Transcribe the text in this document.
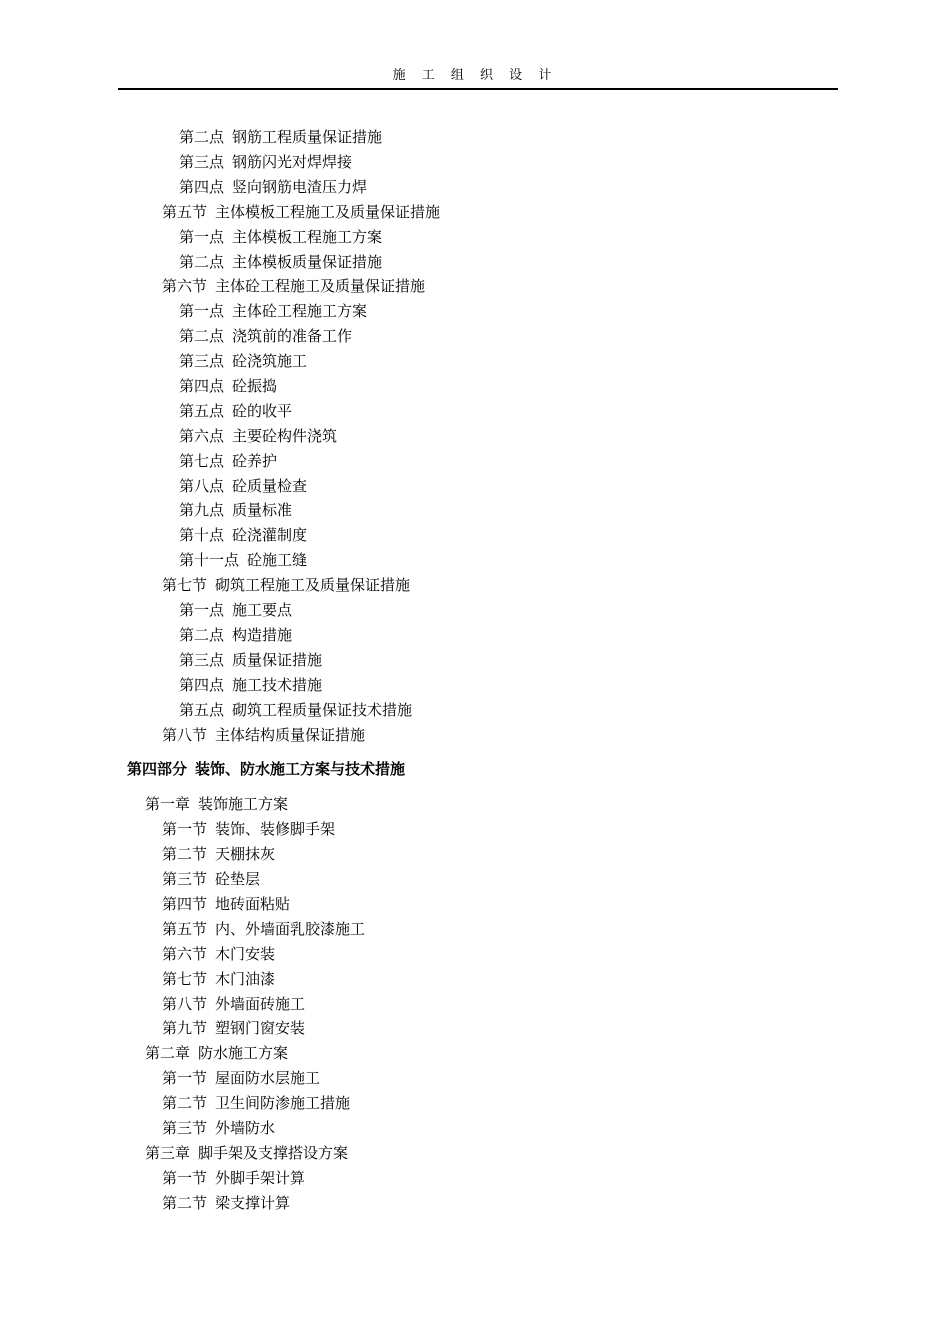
施 工 组 织 设 计
第二点 钢筋工程质量保证措施
第三点 钢筋闪光对焊焊接
第四点 竖向钢筋电渣压力焊
第五节 主体模板工程施工及质量保证措施
第一点 主体模板工程施工方案
第二点 主体模板质量保证措施
第六节 主体砼工程施工及质量保证措施
第一点 主体砼工程施工方案
第二点 浇筑前的准备工作
第三点 砼浇筑施工
第四点 砼振捣
第五点 砼的收平
第六点 主要砼构件浇筑
第七点 砼养护
第八点 砼质量检查
第九点 质量标准
第十点 砼浇灌制度
第十一点 砼施工缝
第七节 砌筑工程施工及质量保证措施
第一点 施工要点
第二点 构造措施
第三点 质量保证措施
第四点 施工技术措施
第五点 砌筑工程质量保证技术措施
第八节 主体结构质量保证措施
第四部分 装饰、防水施工方案与技术措施
第一章 装饰施工方案
第一节 装饰、装修脚手架
第二节 天棚抹灰
第三节 砼垫层
第四节 地砖面粘贴
第五节 内、外墙面乳胶漆施工
第六节 木门安装
第七节 木门油漆
第八节 外墙面砖施工
第九节 塑钢门窗安装
第二章 防水施工方案
第一节 屋面防水层施工
第二节 卫生间防渗施工措施
第三节 外墙防水
第三章 脚手架及支撑搭设方案
第一节 外脚手架计算
第二节 梁支撑计算
